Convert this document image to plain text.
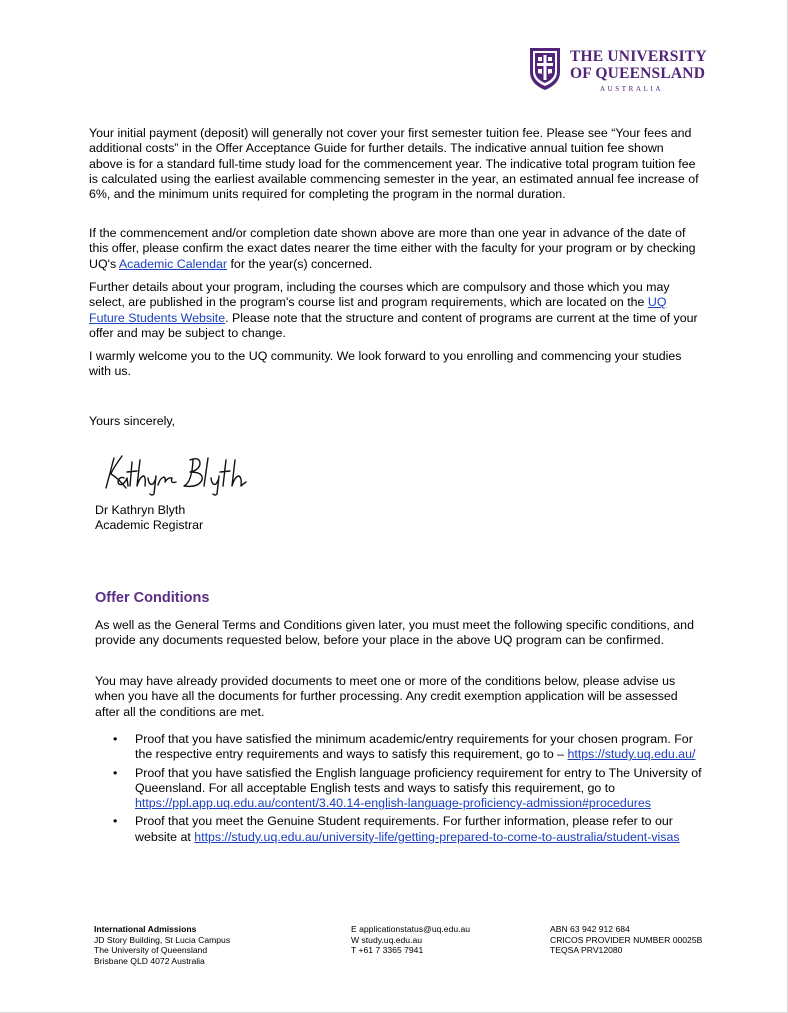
THE UNIVERSITY
OF QUEENSLAND
AUSTRALIA

Your initial payment (deposit) will generally not cover your first semester tuition fee. Please see “Your fees and additional costs” in the Offer Acceptance Guide for further details. The indicative annual tuition fee shown above is for a standard full-time study load for the commencement year. The indicative total program tuition fee is calculated using the earliest available commencing semester in the year, an estimated annual fee increase of 6%, and the minimum units required for completing the program in the normal duration.

If the commencement and/or completion date shown above are more than one year in advance of the date of this offer, please confirm the exact dates nearer the time either with the faculty for your program or by checking UQ's Academic Calendar for the year(s) concerned.

Further details about your program, including the courses which are compulsory and those which you may select, are published in the program's course list and program requirements, which are located on the UQ Future Students Website. Please note that the structure and content of programs are current at the time of your offer and may be subject to change.

I warmly welcome you to the UQ community. We look forward to you enrolling and commencing your studies with us.

Yours sincerely,

Dr Kathryn Blyth
Academic Registrar
Offer Conditions

As well as the General Terms and Conditions given later, you must meet the following specific conditions, and provide any documents requested below, before your place in the above UQ program can be confirmed.

You may have already provided documents to meet one or more of the conditions below, please advise us when you have all the documents for further processing. Any credit exemption application will be assessed after all the conditions are met.

• Proof that you have satisfied the minimum academic/entry requirements for your chosen program. For the respective entry requirements and ways to satisfy this requirement, go to – https://study.uq.edu.au/
• Proof that you have satisfied the English language proficiency requirement for entry to The University of Queensland. For all acceptable English tests and ways to satisfy this requirement, go to https://ppl.app.uq.edu.au/content/3.40.14-english-language-proficiency-admission#procedures
• Proof that you meet the Genuine Student requirements. For further information, please refer to our website at https://study.uq.edu.au/university-life/getting-prepared-to-come-to-australia/student-visas
International Admissions
JD Story Building, St Lucia Campus
The University of Queensland
Brisbane QLD 4072 Australia
E applicationstatus@uq.edu.au
W study.uq.edu.au
T +61 7 3365 7941
ABN 63 942 912 684
CRICOS PROVIDER NUMBER 00025B
TEQSA PRV12080
